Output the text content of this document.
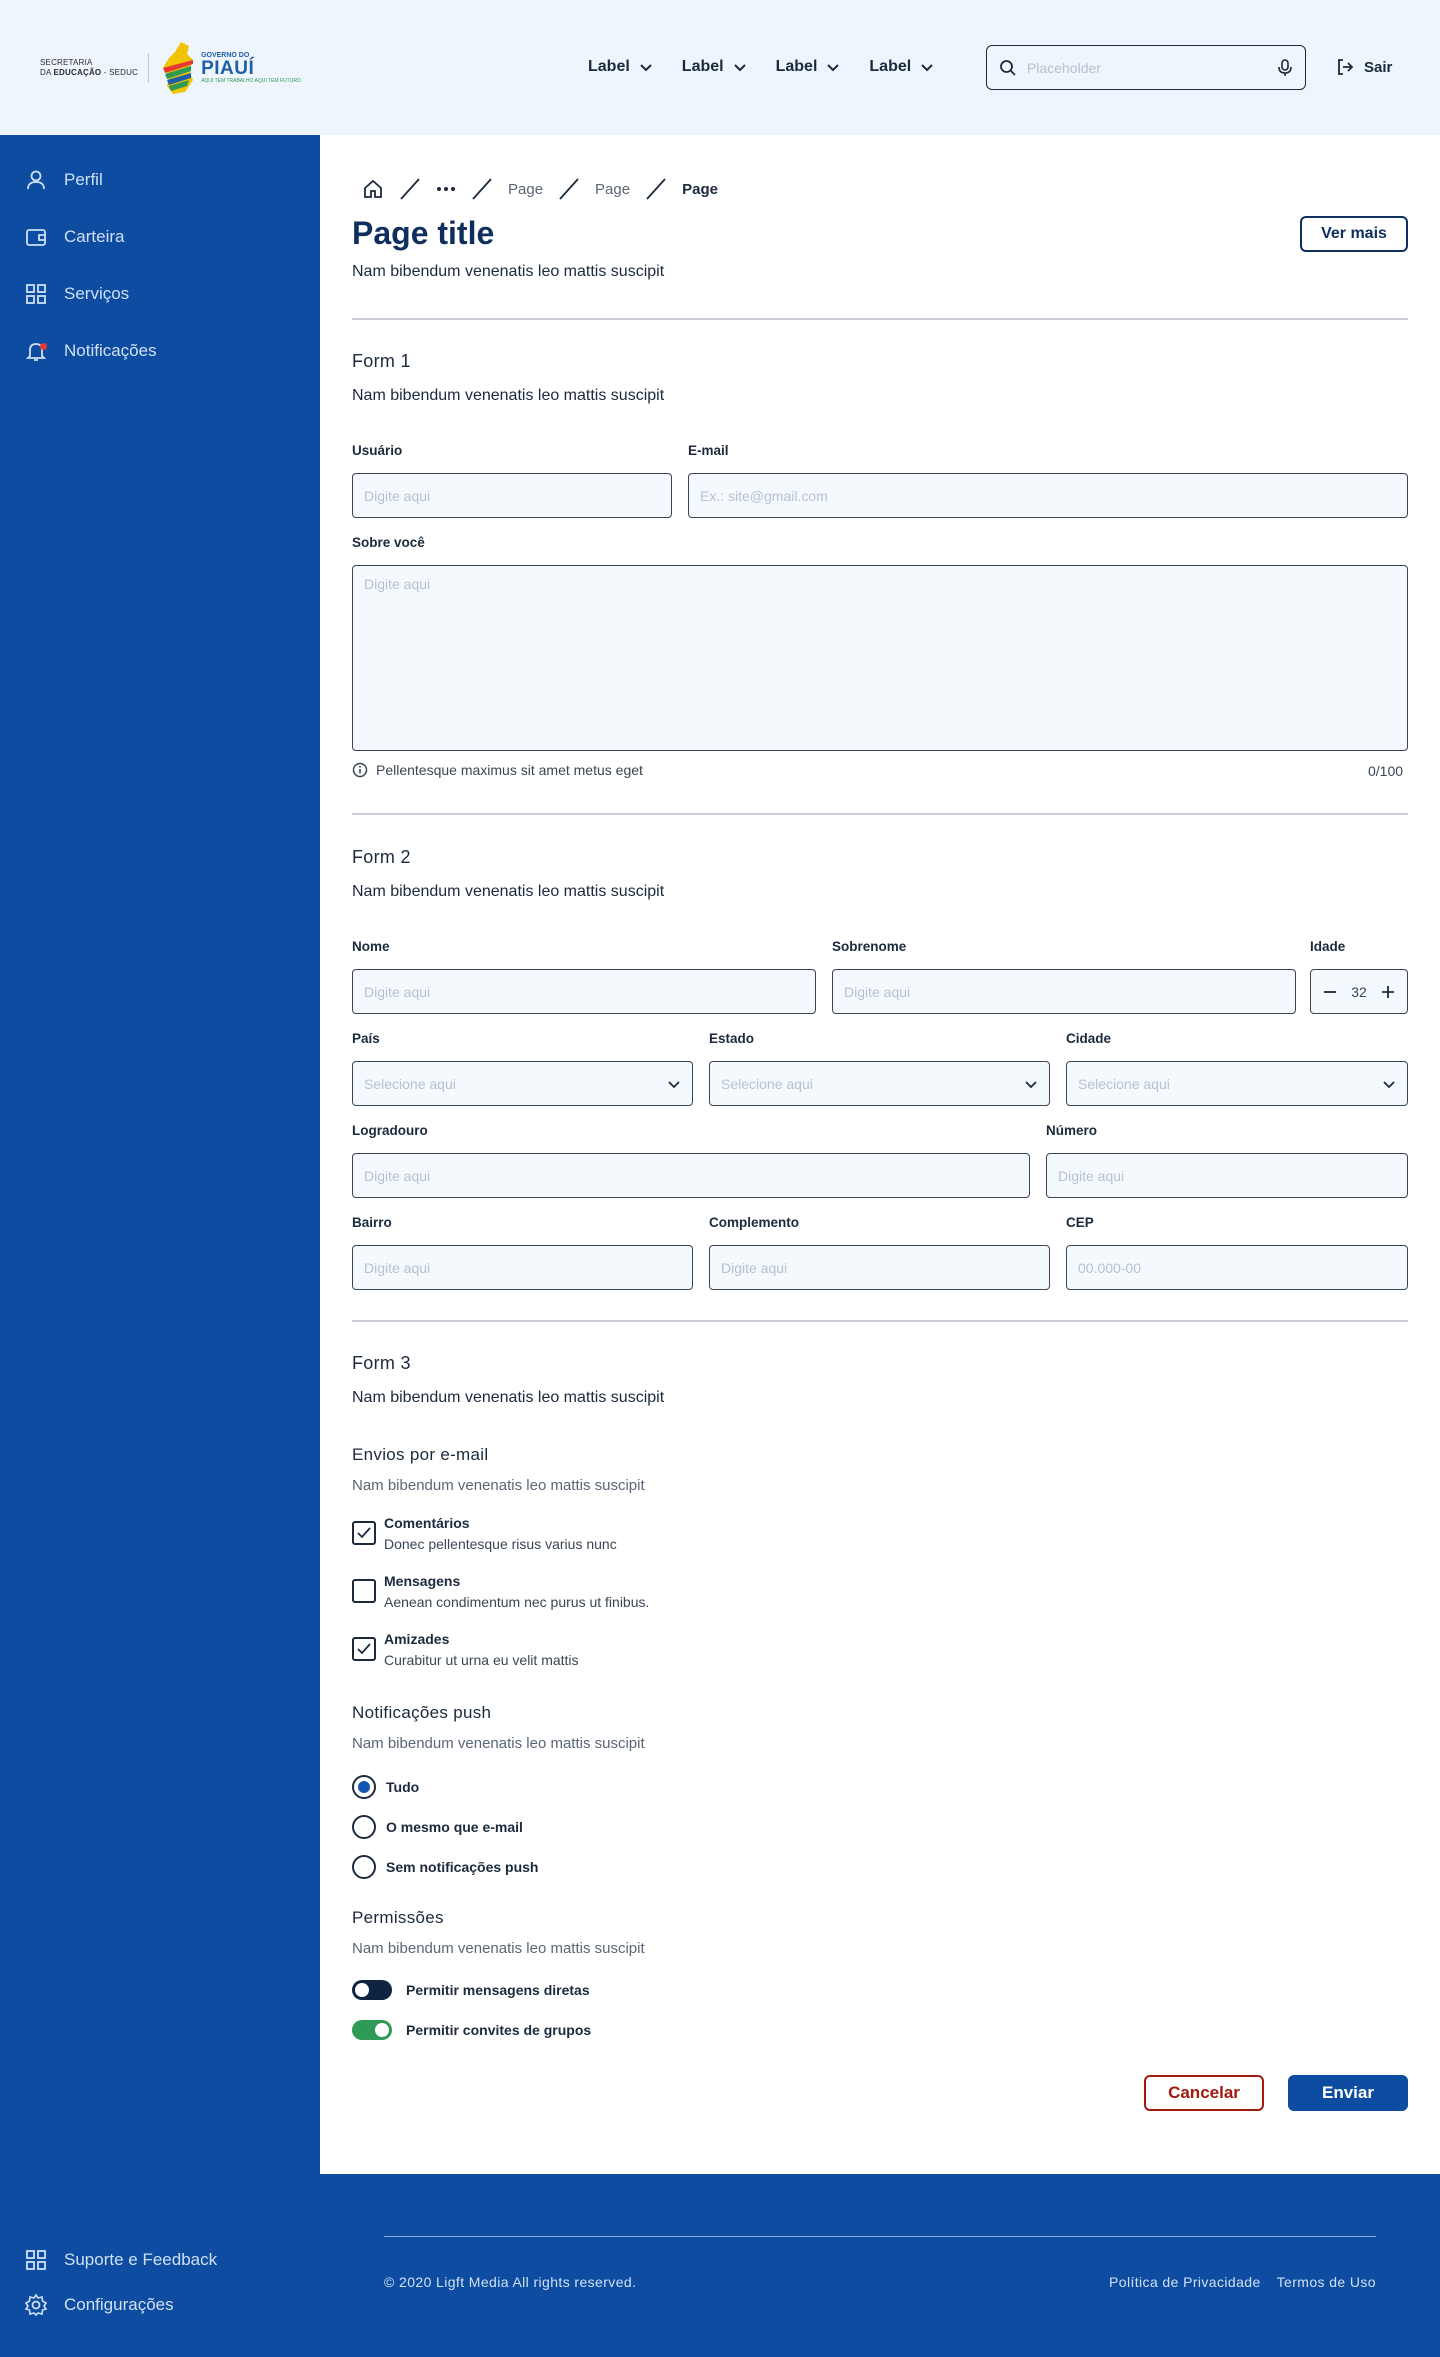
SECRETARIA
DA EDUCAÇÃO - SEDUC
GOVERNO DO
PIAUÍ
AQUI TEM TRABALHO AQUI TEM FUTURO
Label	Label	Label	Label	Placeholder	Sair
Perfil
Carteira
Serviços
Notificações
Suporte e Feedback
Configurações
Page	Page	Page
Page title
Nam bibendum venenatis leo mattis suscipit
Ver mais
Form 1
Nam bibendum venenatis leo mattis suscipit
Usuário
Digite aqui
E-mail
Ex.: site@gmail.com
Sobre você
Digite aqui
Pellentesque maximus sit amet metus eget	0/100
Form 2
Nam bibendum venenatis leo mattis suscipit
Nome
Digite aqui
Sobrenome
Digite aqui
Idade
32
País
Selecione aqui
Estado
Selecione aqui
Cidade
Selecione aqui
Logradouro
Digite aqui
Número
Digite aqui
Bairro
Digite aqui
Complemento
Digite aqui
CEP
00.000-00
Form 3
Nam bibendum venenatis leo mattis suscipit
Envios por e-mail
Nam bibendum venenatis leo mattis suscipit
Comentários
Donec pellentesque risus varius nunc
Mensagens
Aenean condimentum nec purus ut finibus.
Amizades
Curabitur ut urna eu velit mattis
Notificações push
Nam bibendum venenatis leo mattis suscipit
Tudo
O mesmo que e-mail
Sem notificações push
Permissões
Nam bibendum venenatis leo mattis suscipit
Permitir mensagens diretas
Permitir convites de grupos
Cancelar	Enviar
© 2020 Ligft Media All rights reserved.	Política de Privacidade Termos de Uso
